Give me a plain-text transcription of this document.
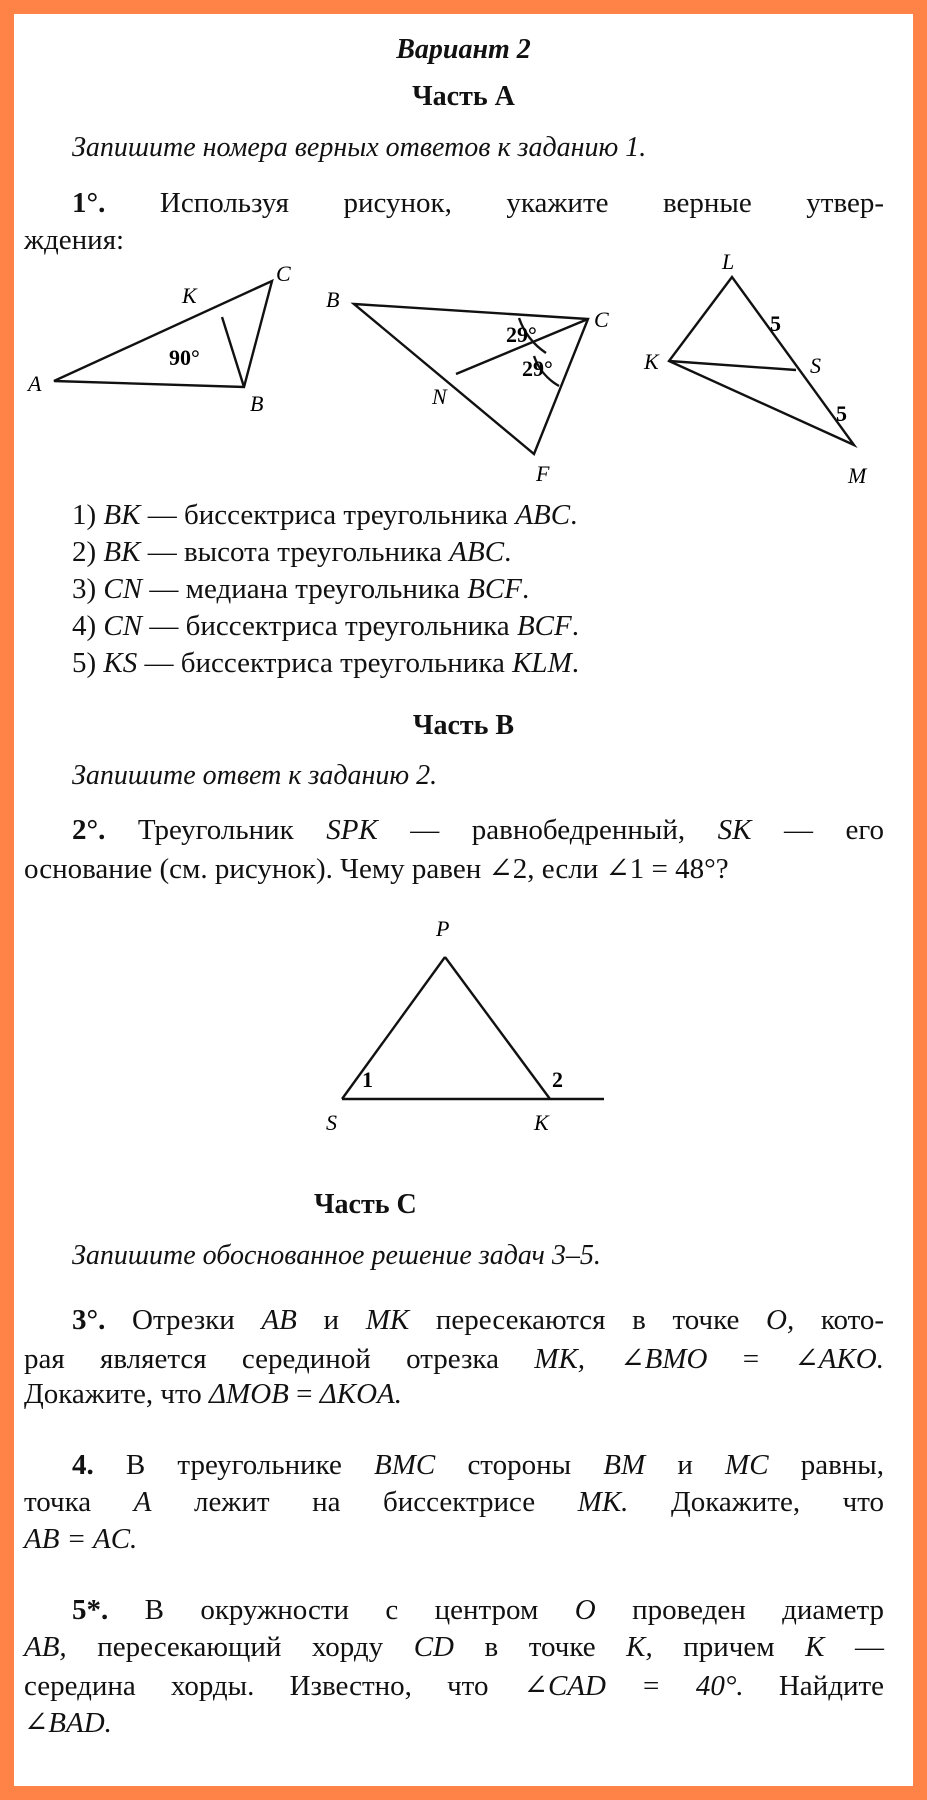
Вариант 2
Часть А
Запишите номера верных ответов к заданию 1.
1°. Используя рисунок, укажите верные утвер-
ждения:
A
K
C
B
90°
B
C
N
F
29°
29°
L
K	S
M
5
5
1) BK — биссектриса треугольника ABC.
2) BK — высота треугольника ABC.
3) CN — медиана треугольника BCF.
4) CN — биссектриса треугольника BCF.
5) KS — биссектриса треугольника KLM.
Часть В
Запишите ответ к заданию 2.
2°. Треугольник SPK — равнобедренный, SK — его
основание (см. рисунок). Чему равен ∠2, если ∠1 = 48°?
P
S	K
1	2
Часть С
Запишите обоснованное решение задач 3–5.
3°. Отрезки AB и MK пересекаются в точке O, кото-
рая является серединой отрезка MK, ∠BMO = ∠AKO.
Докажите, что ΔMOB = ΔKOA.
4. В треугольнике BMC стороны BM и MC равны,
точка A лежит на биссектрисе MK. Докажите, что
AB = AC.
5*. В окружности с центром O проведен диаметр
AB, пересекающий хорду CD в точке K, причем K —
середина хорды. Известно, что ∠CAD = 40°. Найдите
∠BAD.
